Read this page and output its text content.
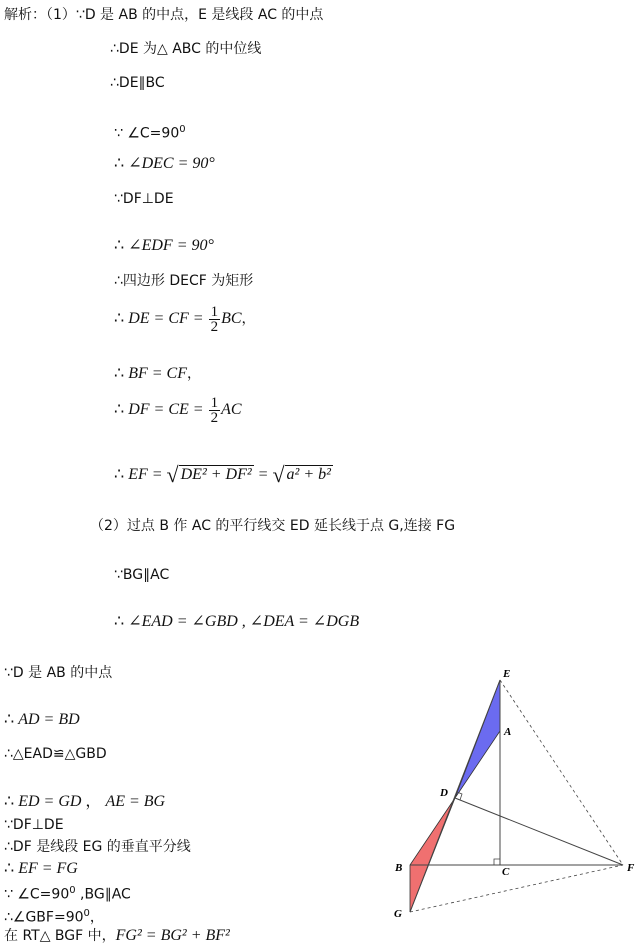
解析：（1）∵D 是 AB 的中点，E 是线段 AC 的中点
∴DE 为△ ABC 的中位线
∴DE∥BC
∵ $\angle C=90^0$
∴ ∠DEC = 90°
∵DF⊥DE
∴ ∠EDF = 90°
∴四边形 DECF 为矩形
∴ DE = CF = $\frac{1}{2}$ BC，
∴ BF = CF，
∴ DF = CE = $\frac{1}{2}$ AC
∴ EF = √ DE² + DF² = √ a² + b²
（2）过点 B 作 AC 的平行线交 ED 延长线于点 G,连接 FG
∵BG∥AC
∴ ∠EAD = ∠GBD , ∠DEA = ∠DGB
∵D 是 AB 的中点
∴ AD = BD
∴△EAD≌△GBD
∴ ED = GD ， AE = BG
∵DF⊥DE
∴DF 是线段 EG 的垂直平分线
∴ EF = FG
∵ $\angle C=90^0$ ,BG∥AC
$\therefore\angle GBF=90^0$，
在 RT△ BGF 中，FG² = BG² + BF²
E
A
D
B	C	F
G
